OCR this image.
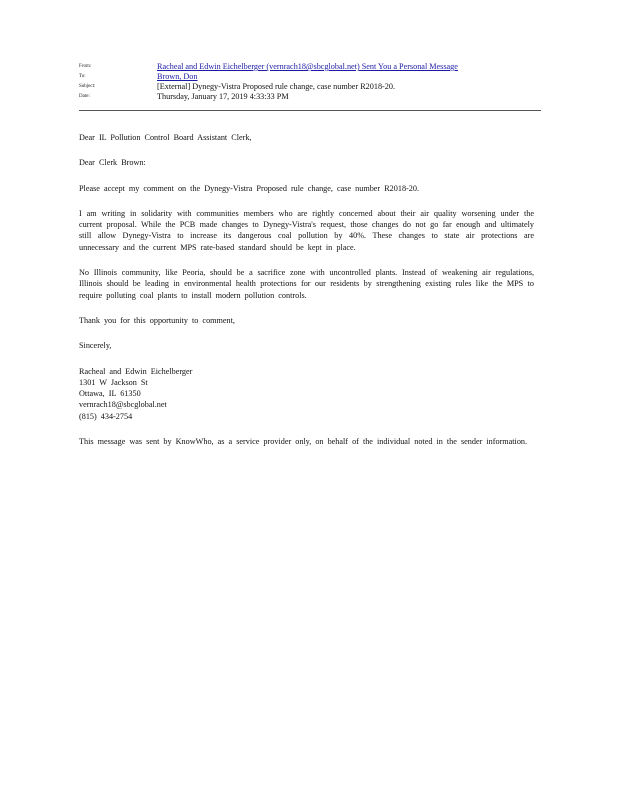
From:	Racheal and Edwin Eichelberger (vernrach18@sbcglobal.net) Sent You a Personal Message
To:	Brown, Don
Subject:	[External] Dynegy-Vistra Proposed rule change, case number R2018-20.
Date:	Thursday, January 17, 2019 4:33:33 PM

Dear IL Pollution Control Board Assistant Clerk,

Dear Clerk Brown:

Please accept my comment on the Dynegy-Vistra Proposed rule change, case number R2018-20.

I am writing in solidarity with communities members who are rightly concerned about their air quality worsening under the current proposal. While the PCB made changes to Dynegy-Vistra's request, those changes do not go far enough and ultimately still allow Dynegy-Vistra to increase its dangerous coal pollution by 40%. These changes to state air protections are unnecessary and the current MPS rate-based standard should be kept in place.

No Illinois community, like Peoria, should be a sacrifice zone with uncontrolled plants. Instead of weakening air regulations, Illinois should be leading in environmental health protections for our residents by strengthening existing rules like the MPS to require polluting coal plants to install modern pollution controls.

Thank you for this opportunity to comment,

Sincerely,

Racheal and Edwin Eichelberger
1301 W Jackson St
Ottawa, IL 61350
vernrach18@sbcglobal.net
(815) 434-2754

This message was sent by KnowWho, as a service provider only, on behalf of the individual noted in the sender information.
